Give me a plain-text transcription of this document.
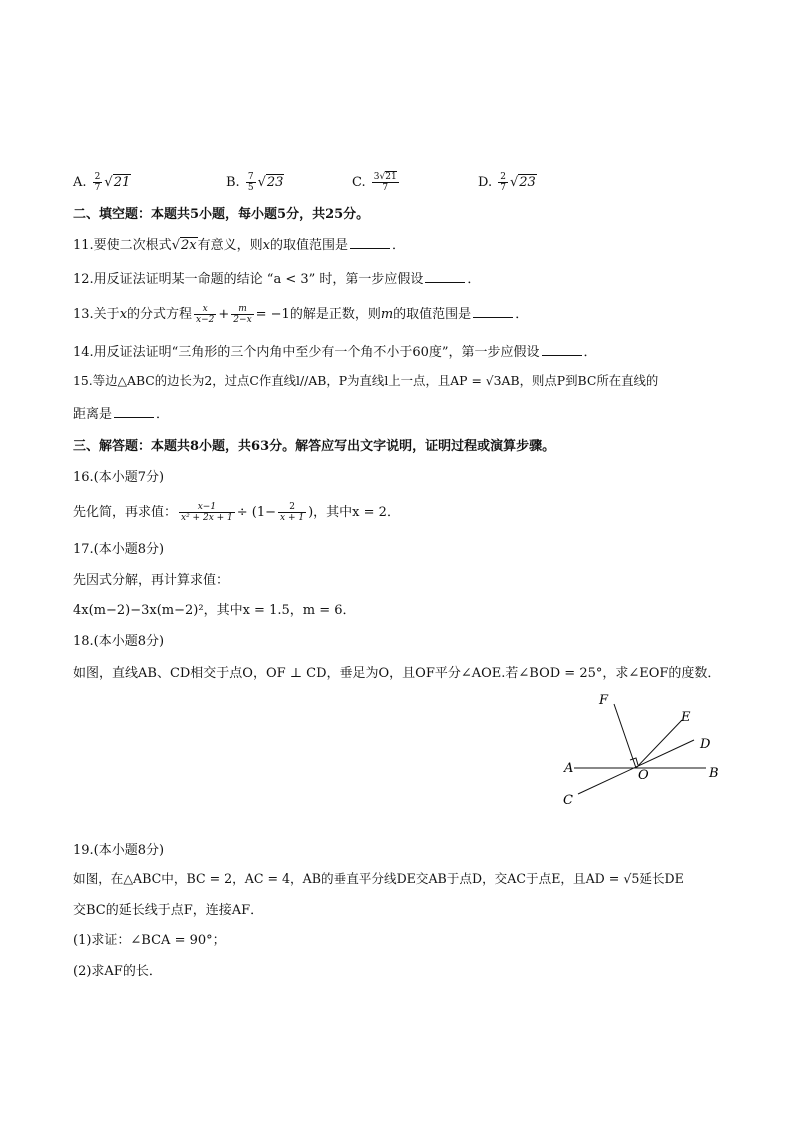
A. $\frac{2}{7} √21$	B. $\frac{7}{5} √23$	C. $\frac{3√21}{7}$	D. $\frac{2}{7} √23$
二、填空题：本题共5小题，每小题5分，共25分。
11.要使二次根式√2x有意义，则x的取值范围是	．
12.用反证法证明某一命题的结论 “a < 3” 时，第一步应假设	．
13.关于x的分式方程 $\frac{x}{x-2} + \frac{m}{2-x} = -1$的解是正数，则m的取值范围是	．
14.用反证法证明“三角形的三个内角中至少有一个角不小于60度”，第一步应假设	．
15.等边△ABC的边长为2，过点C作直线l//AB，P为直线l上一点，且AP = √3AB，则点P到BC所在直线的
距离是	．
三、解答题：本题共8小题，共63分。解答应写出文字说明，证明过程或演算步骤。
16.(本小题7分)
先化简，再求值： $\frac{x-1}{\text{x² + 2x + 1}} \div (1- \frac{2}{x + 1}$ )，其中x = 2．
17.(本小题8分)
先因式分解，再计算求值：
4x(m−2)−3x(m−2)²，其中x = 1.5，m = 6．
18.(本小题8分)
如图，直线AB、CD相交于点O，OF ⊥ CD，垂足为O，且OF平分∠AOE.若∠BOD = 25°，求∠EOF的度数．
F
E
D
A	O	B
C
19.(本小题8分)
如图，在△ABC中，BC = 2，AC = 4，AB的垂直平分线DE交AB于点D，交AC于点E，且AD = √5延长DE
交BC的延长线于点F，连接AF．
(1)求证：∠BCA = 90°；
(2)求AF的长．
